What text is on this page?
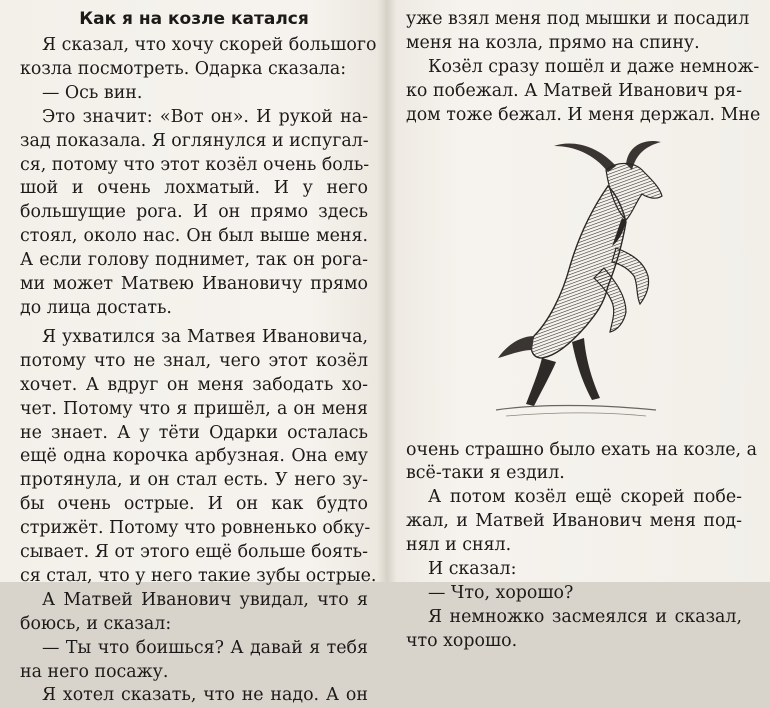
Как я на козле катался
Я сказал, что хочу скорей большого
козла посмотреть. Одарка сказала:
— Ось вин.
Это значит: «Вот он». И рукой на-
зад показала. Я оглянулся и испугал-
ся, потому что этот козёл очень боль-
шой и очень лохматый. И у него
большущие рога. И он прямо здесь
стоял, около нас. Он был выше меня.
А если голову поднимет, так он рога-
ми может Матвею Ивановичу прямо
до лица достать.
Я ухватился за Матвея Ивановича,
потому что не знал, чего этот козёл
хочет. А вдруг он меня забодать хо-
чет. Потому что я пришёл, а он меня
не знает. А у тёти Одарки осталась
ещё одна корочка арбузная. Она ему
протянула, и он стал есть. У него зу-
бы очень острые. И он как будто
стрижёт. Потому что ровненько обку-
сывает. Я от этого ещё больше боять-
ся стал, что у него такие зубы острые.
А Матвей Иванович увидал, что я
боюсь, и сказал:
— Ты что боишься? А давай я тебя
на него посажу.
Я хотел сказать, что не надо. А он
уже взял меня под мышки и посадил
меня на козла, прямо на спину.
Козёл сразу пошёл и даже немнож-
ко побежал. А Матвей Иванович ря-
дом тоже бежал. И меня держал. Мне
очень страшно было ехать на козле, а
всё-таки я ездил.
А потом козёл ещё скорей побе-
жал, и Матвей Иванович меня под-
нял и снял.
И сказал:
— Что, хорошо?
Я немножко засмеялся и сказал,
что хорошо.
